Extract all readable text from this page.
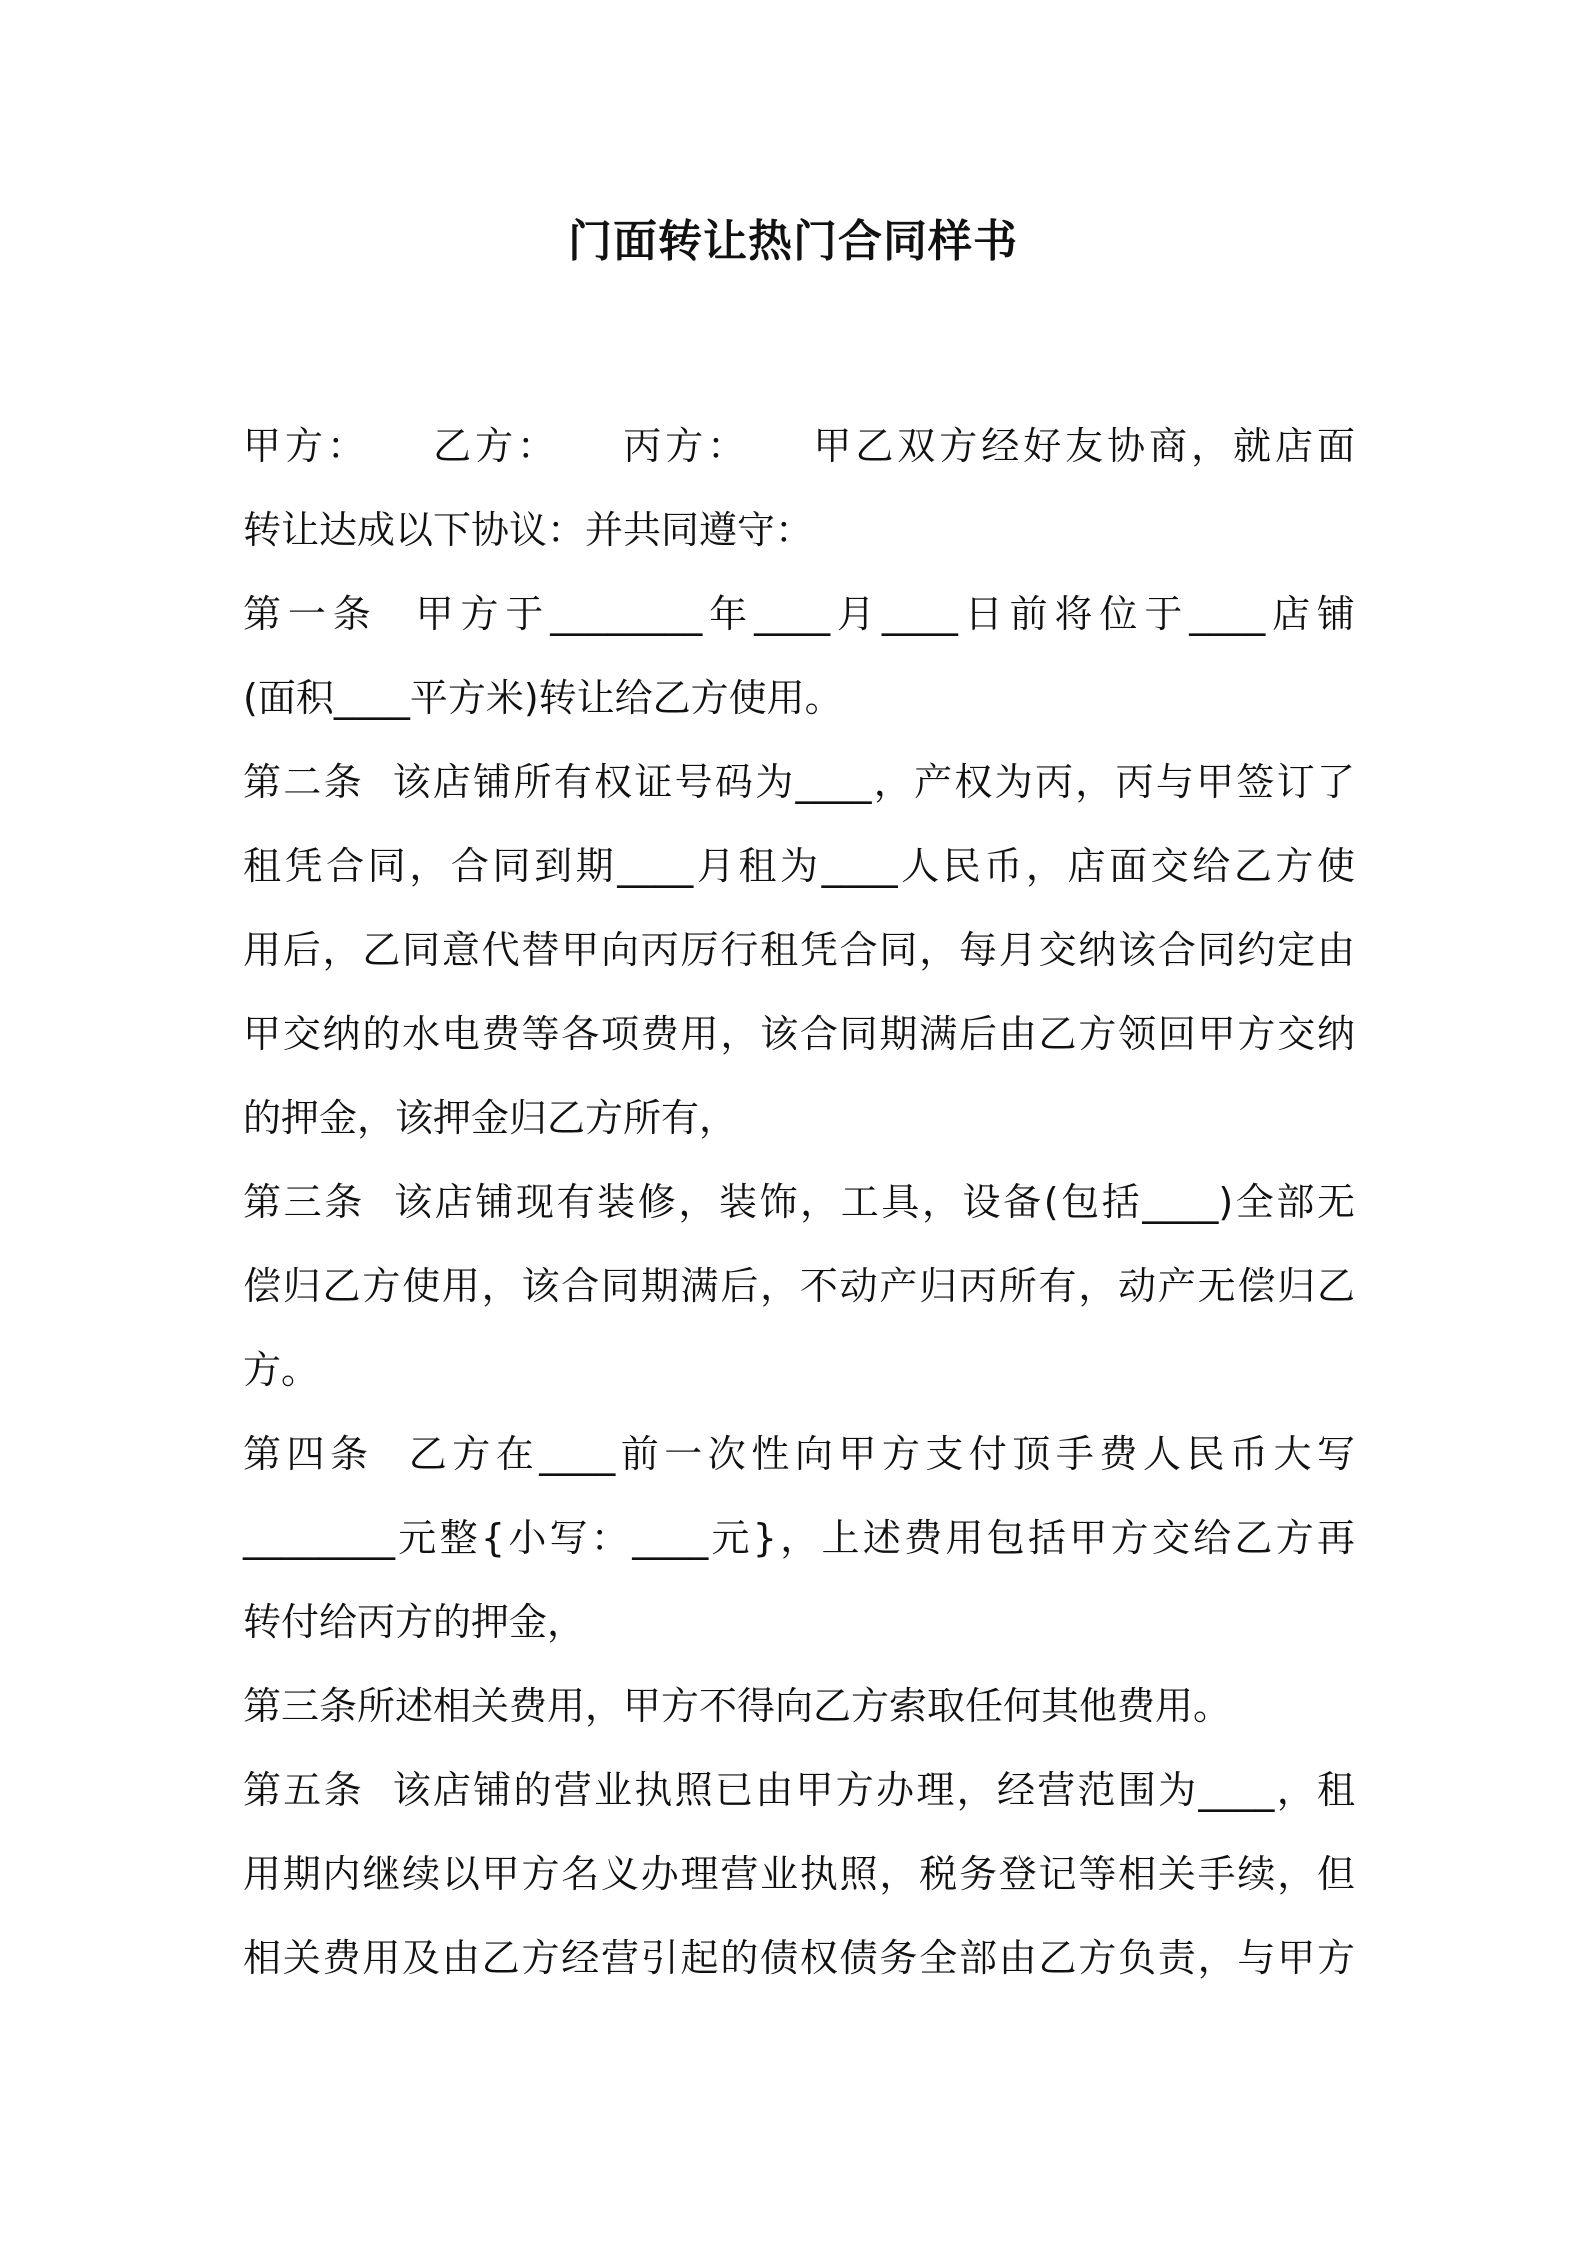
门面转让热门合同样书
甲方：    乙方：    丙方：    甲乙双方经好友协商，就店面
转让达成以下协议：并共同遵守：
第一条  甲方于________年____月____日前将位于____店铺
(面积____平方米)转让给乙方使用。
第二条  该店铺所有权证号码为____，产权为丙，丙与甲签订了
租凭合同，合同到期____月租为____人民币，店面交给乙方使
用后，乙同意代替甲向丙厉行租凭合同，每月交纳该合同约定由
甲交纳的水电费等各项费用，该合同期满后由乙方领回甲方交纳
的押金，该押金归乙方所有，
第三条  该店铺现有装修，装饰，工具，设备(包括____)全部无
偿归乙方使用，该合同期满后，不动产归丙所有，动产无偿归乙
方。
第四条  乙方在____前一次性向甲方支付顶手费人民币大写
________元整{小写：____元}，上述费用包括甲方交给乙方再
转付给丙方的押金，
第三条所述相关费用，甲方不得向乙方索取任何其他费用。
第五条  该店铺的营业执照已由甲方办理，经营范围为____，租
用期内继续以甲方名义办理营业执照，税务登记等相关手续，但
相关费用及由乙方经营引起的债权债务全部由乙方负责，与甲方
